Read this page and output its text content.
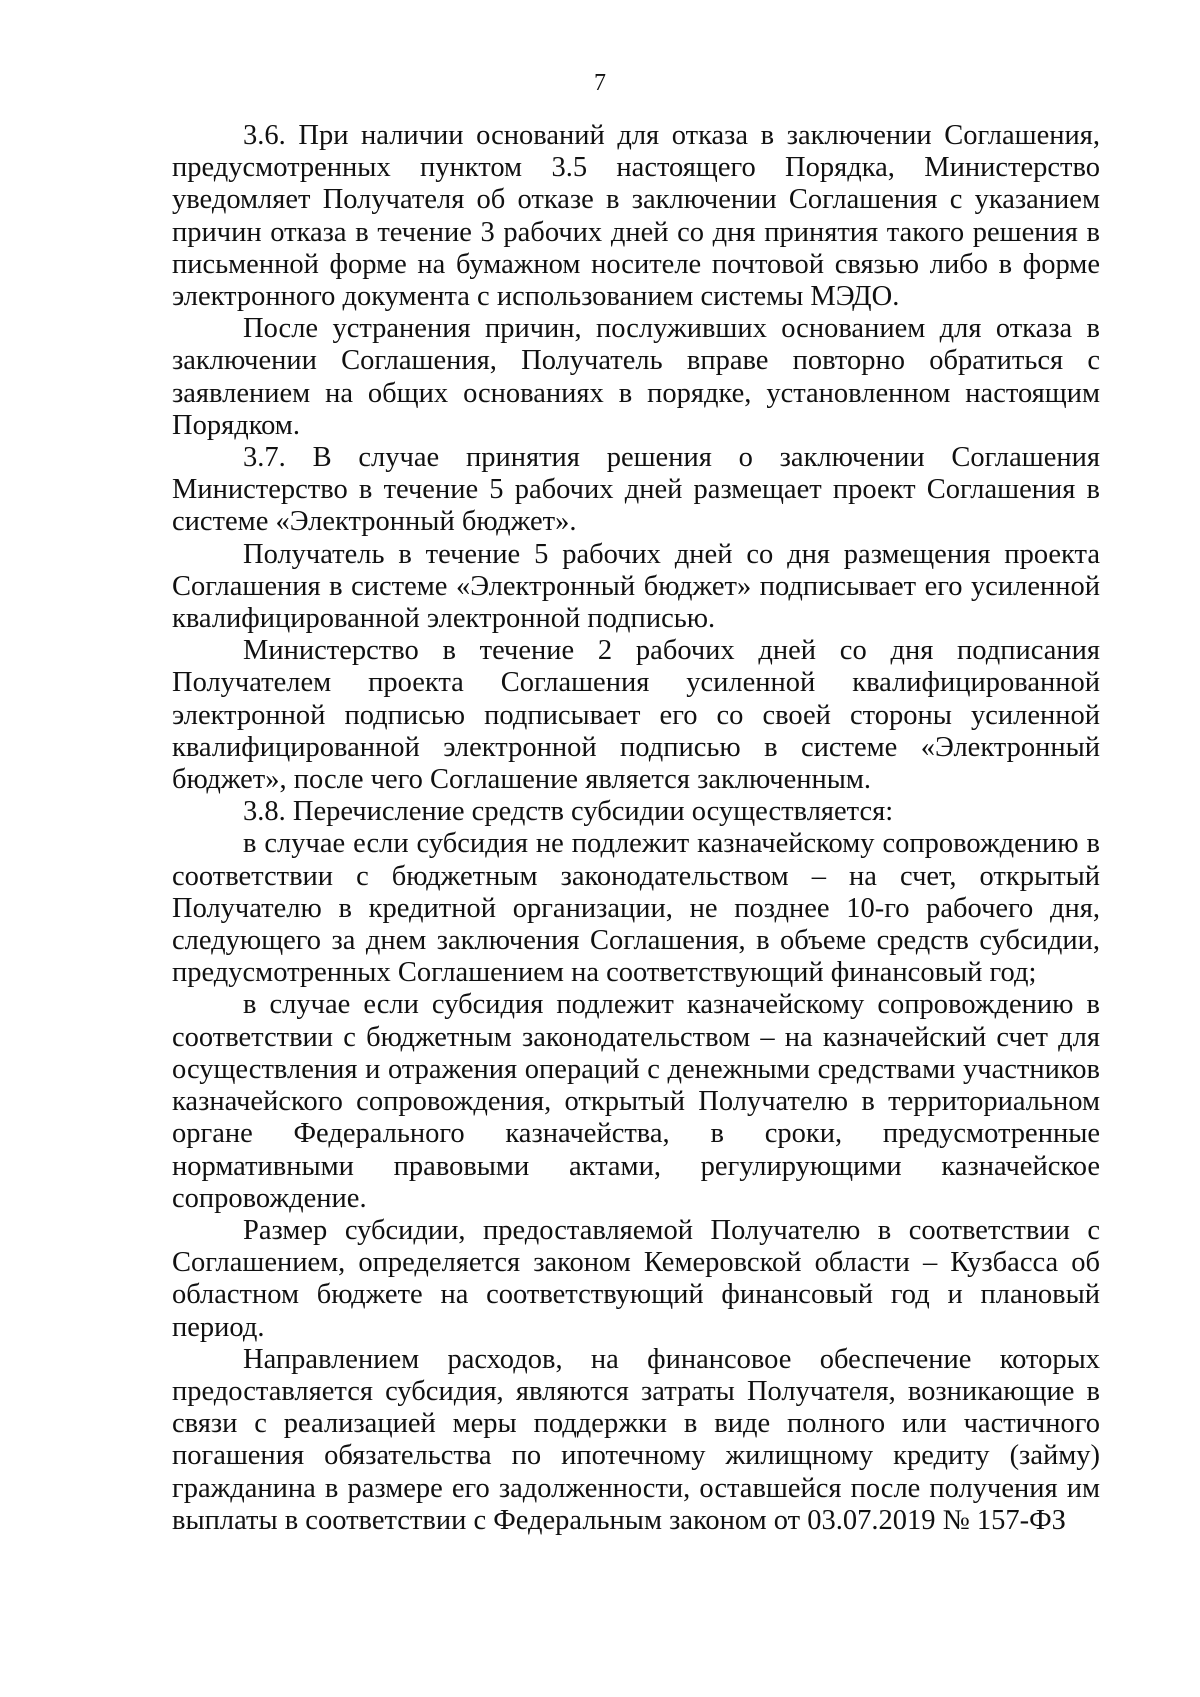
7

3.6. При наличии оснований для отказа в заключении Соглашения, предусмотренных пунктом 3.5 настоящего Порядка, Министерство уведомляет Получателя об отказе в заключении Соглашения с указанием причин отказа в течение 3 рабочих дней со дня принятия такого решения в письменной форме на бумажном носителе почтовой связью либо в форме электронного документа с использованием системы МЭДО.

После устранения причин, послуживших основанием для отказа в заключении Соглашения, Получатель вправе повторно обратиться с заявлением на общих основаниях в порядке, установленном настоящим Порядком.

3.7. В случае принятия решения о заключении Соглашения Министерство в течение 5 рабочих дней размещает проект Соглашения в системе «Электронный бюджет».

Получатель в течение 5 рабочих дней со дня размещения проекта Соглашения в системе «Электронный бюджет» подписывает его усиленной квалифицированной электронной подписью.

Министерство в течение 2 рабочих дней со дня подписания Получателем проекта Соглашения усиленной квалифицированной электронной подписью подписывает его со своей стороны усиленной квалифицированной электронной подписью в системе «Электронный бюджет», после чего Соглашение является заключенным.

3.8. Перечисление средств субсидии осуществляется:

в случае если субсидия не подлежит казначейскому сопровождению в соответствии с бюджетным законодательством – на счет, открытый Получателю в кредитной организации, не позднее 10-го рабочего дня, следующего за днем заключения Соглашения, в объеме средств субсидии, предусмотренных Соглашением на соответствующий финансовый год;

в случае если субсидия подлежит казначейскому сопровождению в соответствии с бюджетным законодательством – на казначейский счет для осуществления и отражения операций с денежными средствами участников казначейского сопровождения, открытый Получателю в территориальном органе Федерального казначейства, в сроки, предусмотренные нормативными правовыми актами, регулирующими казначейское сопровождение.

Размер субсидии, предоставляемой Получателю в соответствии с Соглашением, определяется законом Кемеровской области – Кузбасса об областном бюджете на соответствующий финансовый год и плановый период.

Направлением расходов, на финансовое обеспечение которых предоставляется субсидия, являются затраты Получателя, возникающие в связи с реализацией меры поддержки в виде полного или частичного погашения обязательства по ипотечному жилищному кредиту (займу) гражданина в размере его задолженности, оставшейся после получения им выплаты в соответствии с Федеральным законом от 03.07.2019 № 157-ФЗ
